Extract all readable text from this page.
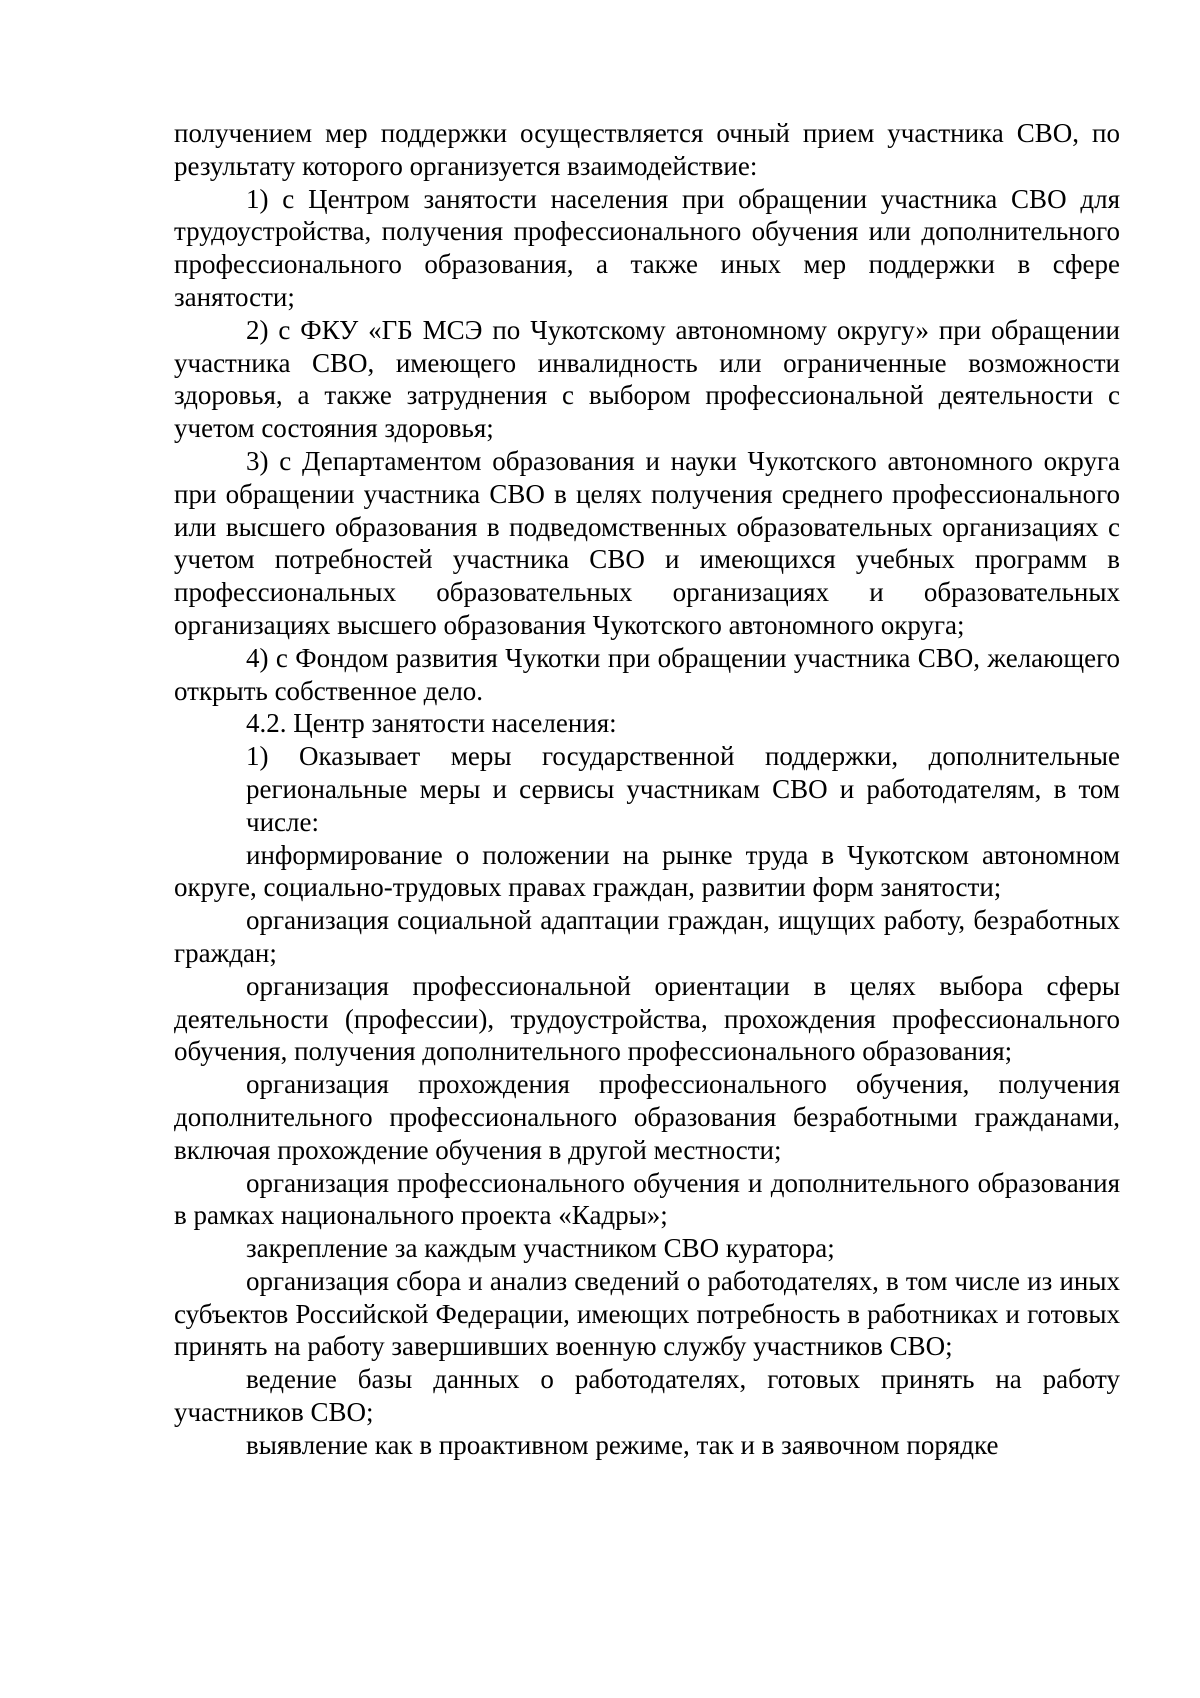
получением мер поддержки осуществляется очный прием участника СВО, по результату которого организуется взаимодействие:

1) с Центром занятости населения при обращении участника СВО для трудоустройства, получения профессионального обучения или дополнительного профессионального образования, а также иных мер поддержки в сфере занятости;

2) с ФКУ «ГБ МСЭ по Чукотскому автономному округу» при обращении участника СВО, имеющего инвалидность или ограниченные возможности здоровья, а также затруднения с выбором профессиональной деятельности с учетом состояния здоровья;

3) с Департаментом образования и науки Чукотского автономного округа при обращении участника СВО в целях получения среднего профессионального или высшего образования в подведомственных образовательных организациях с учетом потребностей участника СВО и имеющихся учебных программ в профессиональных образовательных организациях и образовательных организациях высшего образования Чукотского автономного округа;

4) с Фондом развития Чукотки при обращении участника СВО, желающего открыть собственное дело.

4.2. Центр занятости населения:

1) Оказывает меры государственной поддержки, дополнительные региональные меры и сервисы участникам СВО и работодателям, в том числе:

информирование о положении на рынке труда в Чукотском автономном округе, социально-трудовых правах граждан, развитии форм занятости;

организация социальной адаптации граждан, ищущих работу, безработных граждан;

организация профессиональной ориентации в целях выбора сферы деятельности (профессии), трудоустройства, прохождения профессионального обучения, получения дополнительного профессионального образования;

организация прохождения профессионального обучения, получения дополнительного профессионального образования безработными гражданами, включая прохождение обучения в другой местности;

организация профессионального обучения и дополнительного образования в рамках национального проекта «Кадры»;

закрепление за каждым участником СВО куратора;

организация сбора и анализ сведений о работодателях, в том числе из иных субъектов Российской Федерации, имеющих потребность в работниках и готовых принять на работу завершивших военную службу участников СВО;

ведение базы данных о работодателях, готовых принять на работу участников СВО;

выявление как в проактивном режиме, так и в заявочном порядке
